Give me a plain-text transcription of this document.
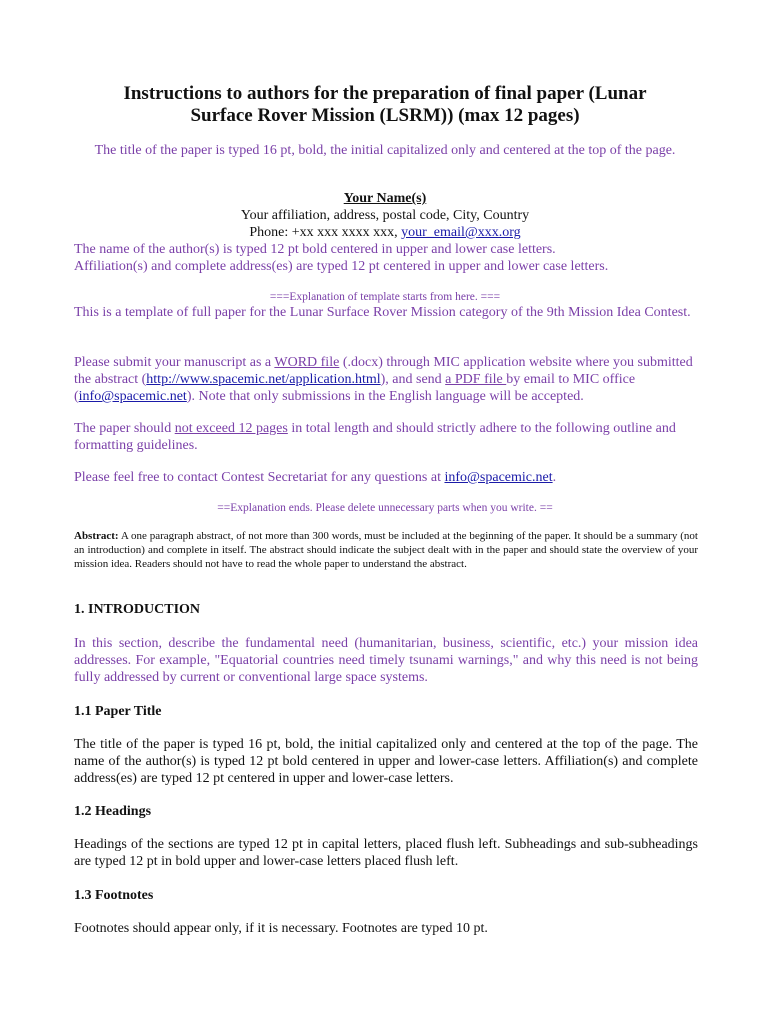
Instructions to authors for the preparation of final paper (Lunar
Surface Rover Mission (LSRM)) (max 12 pages)

The title of the paper is typed 16 pt, bold, the initial capitalized only and centered at the top of the page.

Your Name(s)
Your affiliation, address, postal code, City, Country
Phone: +xx xxx xxxx xxx, your_email@xxx.org

The name of the author(s) is typed 12 pt bold centered in upper and lower case letters.
Affiliation(s) and complete address(es) are typed 12 pt centered in upper and lower case letters.

===Explanation of template starts from here. ===

This is a template of full paper for the Lunar Surface Rover Mission category of the 9th Mission Idea Contest.

Please submit your manuscript as a WORD file (.docx) through MIC application website where you submitted the abstract (http://www.spacemic.net/application.html), and send a PDF file by email to MIC office (info@spacemic.net). Note that only submissions in the English language will be accepted.

The paper should not exceed 12 pages in total length and should strictly adhere to the following outline and formatting guidelines.

Please feel free to contact Contest Secretariat for any questions at info@spacemic.net.

==Explanation ends. Please delete unnecessary parts when you write. ==

Abstract: A one paragraph abstract, of not more than 300 words, must be included at the beginning of the paper. It should be a summary (not an introduction) and complete in itself. The abstract should indicate the subject dealt with in the paper and should state the overview of your mission idea. Readers should not have to read the whole paper to understand the abstract.

1. INTRODUCTION

In this section, describe the fundamental need (humanitarian, business, scientific, etc.) your mission idea addresses. For example, "Equatorial countries need timely tsunami warnings," and why this need is not being fully addressed by current or conventional large space systems.

1.1 Paper Title

The title of the paper is typed 16 pt, bold, the initial capitalized only and centered at the top of the page. The name of the author(s) is typed 12 pt bold centered in upper and lower-case letters. Affiliation(s) and complete address(es) are typed 12 pt centered in upper and lower-case letters.

1.2 Headings

Headings of the sections are typed 12 pt in capital letters, placed flush left. Subheadings and sub-subheadings are typed 12 pt in bold upper and lower-case letters placed flush left.

1.3 Footnotes

Footnotes should appear only, if it is necessary. Footnotes are typed 10 pt.
